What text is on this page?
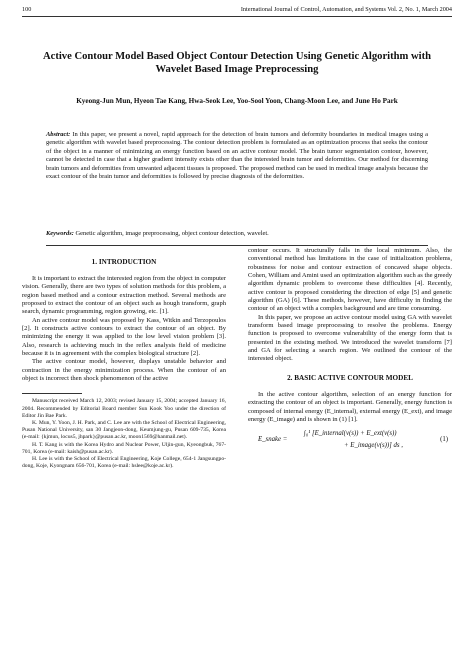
100	International Journal of Control, Automation, and Systems Vol. 2, No. 1, March 2004
Active Contour Model Based Object Contour Detection Using Genetic Algorithm with Wavelet Based Image Preprocessing
Kyeong-Jun Mun, Hyeon Tae Kang, Hwa-Seok Lee, Yoo-Sool Yoon, Chang-Moon Lee, and June Ho Park
Abstract: In this paper, we present a novel, rapid approach for the detection of brain tumors and deformity boundaries in medical images using a genetic algorithm with wavelet based preprocessing. The contour detection problem is formulated as an optimization process that seeks the contour of the object in a manner of minimizing an energy function based on an active contour model. The brain tumor segmentation contour, however, cannot be detected in case that a higher gradient intensity exists other than the interested brain tumor and deformities. Our method for discerning brain tumors and deformities from unwanted adjacent tissues is proposed. The proposed method can be used in medical image analysis because the exact contour of the brain tumor and deformities is followed by precise diagnosis of the deformities.
Keywords: Genetic algorithm, image preprocessing, object contour detection, wavelet.
1. INTRODUCTION

It is important to extract the interested region from the object in computer vision. Generally, there are two types of solution methods for this problem, a region based method and a contour extraction method. Several methods are proposed to extract the contour of an object such as hough transform, graph search, dynamic programming, region growing, etc. [1].

An active contour model was proposed by Kass, Witkin and Terzopoulos [2]. It constructs active contours to extract the contour of an object. By minimizing the energy it was applied to the low level vision problem [3]. Also, research is achieving much in the reflex analysis field of medicine because it is in agreement with the complex biological structure [2].

The active contour model, however, displays unstable behavior and contraction in the energy minimization process. When the contour of an object is incorrect then shock phenomenon of the active

Manuscript received March 12, 2003; revised January 15, 2004; accepted January 16, 2004. Recommended by Editorial Board member Sun Kook Yoo under the direction of Editor Jin Bae Park.

K. Mun, Y. Yoon, J. H. Park, and C. Lee are with the School of Electrical Engineering, Pusan National University, san 30 Jangjeon-dong, Keumjung-gu, Pusan 609-735, Korea (e-mail: {kjmun, locus5, jhpark}@pusan.ac.kr, moon1569@hanmail.net).

H. T. Kang is with the Korea Hydro and Nuclear Power, Uljin-gun, Kyeongbuk, 767-701, Korea (e-mail: kaish@pusan.ac.kr).

H. Lee is with the School of Electrical Engineering, Koje College, 654-1 Jangsungpo-dong, Koje, Kyongnam 656-701, Korea (e-mail: hslee@koje.ac.kr).

contour occurs. It structurally falls in the local minimum. Also, the conventional method has limitations in the case of initialization problems, robustness for noise and contour extraction of concaved shape objects. Cohen, William and Amini used an optimization algorithm such as the greedy algorithm dynamic problem to overcome these difficulties [4]. Recently, active contour is proposed considering the direction of edge [5] and genetic algorithm (GA) [6]. These methods, however, have difficulty in finding the contour of an object with a complex background and are time consuming.

In this paper, we propose an active contour model using GA with wavelet transform based image preprocessing to resolve the problems. Energy function is proposed to overcome vulnerability of the energy form that is presented in the existing method. We introduced the wavelet transform [7] and GA for selecting a search region. We outlined the contour of the interested object.

2. BASIC ACTIVE CONTOUR MODEL

In the active contour algorithm, selection of an energy function for extracting the contour of an object is important. Generally, energy function is composed of internal energy (E_internal), external energy (E_ext), and image energy (E_image) and is shown in (1) [1].

E_snake =
∫₀¹ [E_internal(v(s)) + E_ext(v(s))
+ E_image(v(s))] ds ,
(1)
